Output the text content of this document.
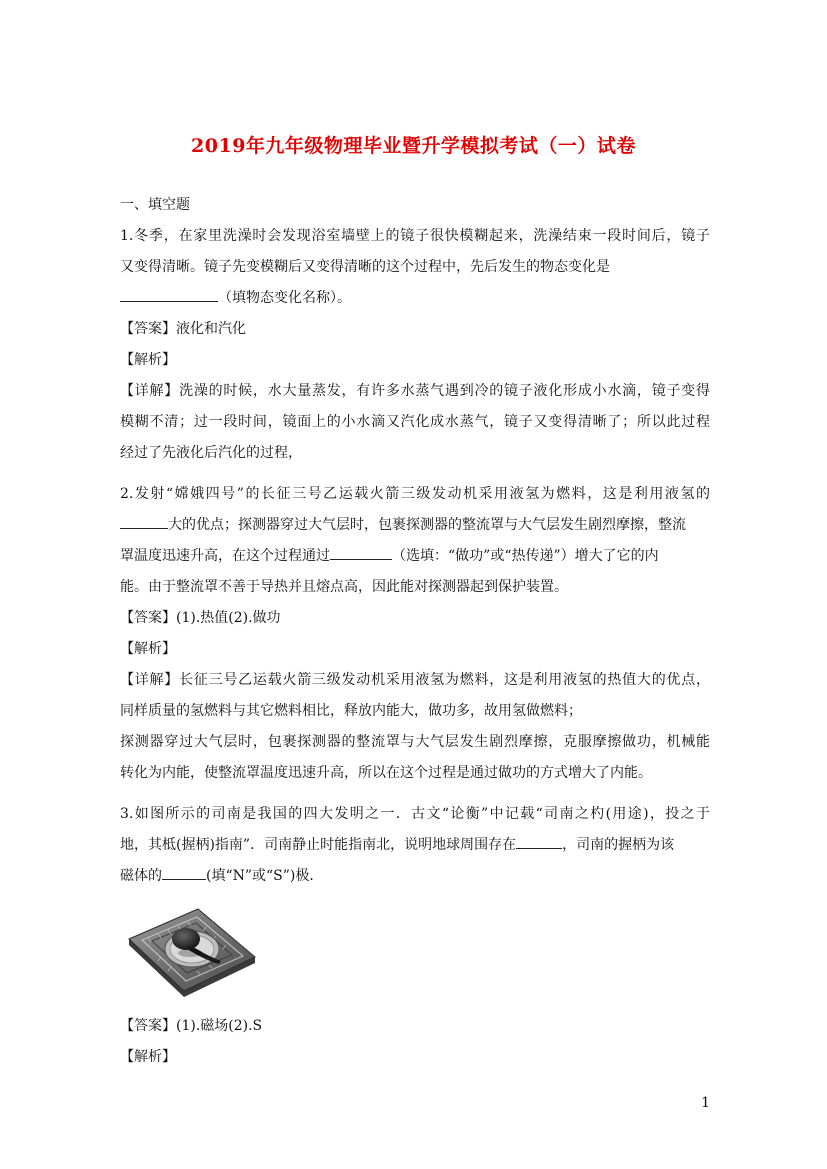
2019年九年级物理毕业暨升学模拟考试（一）试卷
一、填空题
1.冬季，在家里洗澡时会发现浴室墙壁上的镜子很快模糊起来，洗澡结束一段时间后，镜子
又变得清晰。镜子先变模糊后又变得清晰的这个过程中，先后发生的物态变化是
（填物态变化名称）。
【答案】液化和汽化
【解析】
【详解】洗澡的时候，水大量蒸发，有许多水蒸气遇到冷的镜子液化形成小水滴，镜子变得
模糊不清；过一段时间，镜面上的小水滴又汽化成水蒸气，镜子又变得清晰了；所以此过程
经过了先液化后汽化的过程，
2.发射“嫦娥四号”的长征三号乙运载火箭三级发动机采用液氢为燃料，这是利用液氢的
大的优点；探测器穿过大气层时，包裹探测器的整流罩与大气层发生剧烈摩擦，整流
罩温度迅速升高，在这个过程通过	（选填：“做功”或“热传递”）增大了它的内
能。由于整流罩不善于导热并且熔点高，因此能对探测器起到保护装置。
【答案】(1).热值(2).做功
【解析】
【详解】长征三号乙运载火箭三级发动机采用液氢为燃料，这是利用液氢的热值大的优点，
同样质量的氢燃料与其它燃料相比，释放内能大，做功多，故用氢做燃料；
探测器穿过大气层时，包裹探测器的整流罩与大气层发生剧烈摩擦，克服摩擦做功，机械能
转化为内能，使整流罩温度迅速升高，所以在这个过程是通过做功的方式增大了内能。
3.如图所示的司南是我国的四大发明之一．古文“论衡”中记载“司南之杓(用途)，投之于
地，其柢(握柄)指南”．司南静止时能指南北，说明地球周围存在	，司南的握柄为该
磁体的	(填“N”或“S”)极．
【答案】(1).磁场(2).S
【解析】
1
